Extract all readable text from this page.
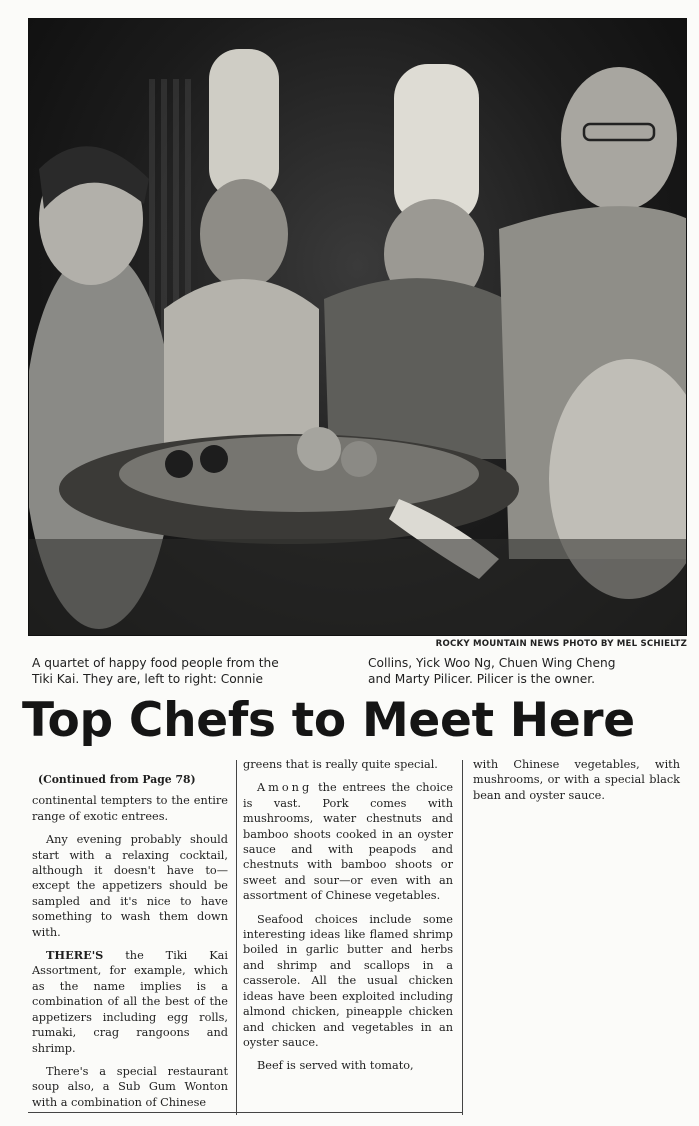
ROCKY MOUNTAIN NEWS PHOTO BY MEL SCHIELTZ
A quartet of happy food people from the
Tiki Kai. They are, left to right: Connie
Collins, Yick Woo Ng, Chuen Wing Cheng
and Marty Pilicer. Pilicer is the owner.
Top Chefs to Meet Here
(Continued from Page 78)

continental tempters to the entire range of exotic entrees.

Any evening probably should start with a relaxing cocktail, although it doesn't have to—except the appetizers should be sampled and it's nice to have something to wash them down with.

THERE'S the Tiki Kai Assortment, for example, which as the name implies is a combination of all the best of the appetizers including egg rolls, rumaki, crag rangoons and shrimp.

There's a special restaurant soup also, a Sub Gum Wonton with a combination of Chinese

greens that is really quite special.

Among the entrees the choice is vast. Pork comes with mushrooms, water chestnuts and bamboo shoots cooked in an oyster sauce and with peapods and chestnuts with bamboo shoots or sweet and sour—or even with an assortment of Chinese vegetables.

Seafood choices include some interesting ideas like flamed shrimp boiled in garlic butter and herbs and shrimp and scallops in a casserole. All the usual chicken ideas have been exploited including almond chicken, pineapple chicken and chicken and vegetables in an oyster sauce.

Beef is served with tomato,

with Chinese vegetables, with mushrooms, or with a special black bean and oyster sauce.
